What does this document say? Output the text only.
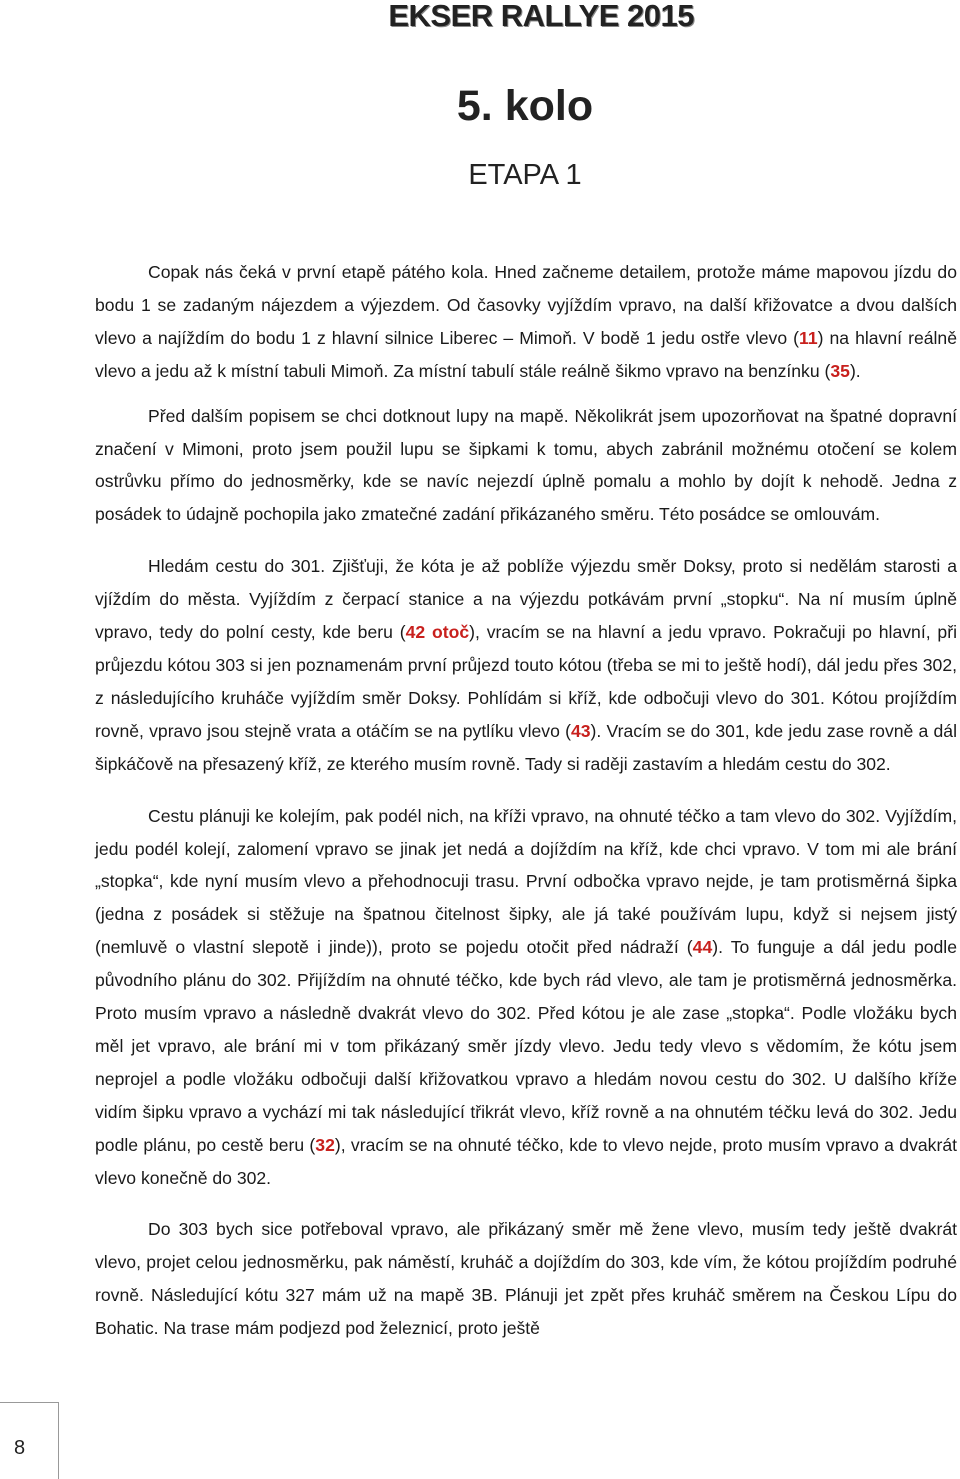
EKSER RALLYE 2015
5. kolo
ETAPA 1

Copak nás čeká v první etapě pátého kola. Hned začneme detailem, protože máme mapovou jízdu do bodu 1 se zadaným nájezdem a výjezdem. Od časovky vyjíždím vpravo, na další křižovatce a dvou dalších vlevo a najíždím do bodu 1 z hlavní silnice Liberec – Mimoň. V bodě 1 jedu ostře vlevo (11) na hlavní reálně vlevo a jedu až k místní tabuli Mimoň. Za místní tabulí stále reálně šikmo vpravo na benzínku (35).

Před dalším popisem se chci dotknout lupy na mapě. Několikrát jsem upozorňovat na špatné dopravní značení v Mimoni, proto jsem použil lupu se šipkami k tomu, abych zabránil možnému otočení se kolem ostrůvku přímo do jednosměrky, kde se navíc nejezdí úplně pomalu a mohlo by dojít k nehodě. Jedna z posádek to údajně pochopila jako zmatečné zadání přikázaného směru. Této posádce se omlouvám.

Hledám cestu do 301. Zjišťuji, že kóta je až poblíže výjezdu směr Doksy, proto si nedělám starosti a vjíždím do města. Vyjíždím z čerpací stanice a na výjezdu potkávám první „stopku“. Na ní musím úplně vpravo, tedy do polní cesty, kde beru (42 otoč), vracím se na hlavní a jedu vpravo. Pokračuji po hlavní, při průjezdu kótou 303 si jen poznamenám první průjezd touto kótou (třeba se mi to ještě hodí), dál jedu přes 302, z následujícího kruháče vyjíždím směr Doksy. Pohlídám si kříž, kde odbočuji vlevo do 301. Kótou projíždím rovně, vpravo jsou stejně vrata a otáčím se na pytlíku vlevo (43). Vracím se do 301, kde jedu zase rovně a dál šipkáčově na přesazený kříž, ze kterého musím rovně. Tady si raději zastavím a hledám cestu do 302.

Cestu plánuji ke kolejím, pak podél nich, na kříži vpravo, na ohnuté téčko a tam vlevo do 302. Vyjíždím, jedu podél kolejí, zalomení vpravo se jinak jet nedá a dojíždím na kříž, kde chci vpravo. V tom mi ale brání „stopka“, kde nyní musím vlevo a přehodnocuji trasu. První odbočka vpravo nejde, je tam protisměrná šipka (jedna z posádek si stěžuje na špatnou čitelnost šipky, ale já také používám lupu, když si nejsem jistý (nemluvě o vlastní slepotě i jinde)), proto se pojedu otočit před nádraží (44). To funguje a dál jedu podle původního plánu do 302. Přijíždím na ohnuté téčko, kde bych rád vlevo, ale tam je protisměrná jednosměrka. Proto musím vpravo a následně dvakrát vlevo do 302. Před kótou je ale zase „stopka“. Podle vložáku bych měl jet vpravo, ale brání mi v tom přikázaný směr jízdy vlevo. Jedu tedy vlevo s vědomím, že kótu jsem neprojel a podle vložáku odbočuji další křižovatkou vpravo a hledám novou cestu do 302. U dalšího kříže vidím šipku vpravo a vychází mi tak následující třikrát vlevo, kříž rovně a na ohnutém téčku levá do 302. Jedu podle plánu, po cestě beru (32), vracím se na ohnuté téčko, kde to vlevo nejde, proto musím vpravo a dvakrát vlevo konečně do 302.

Do 303 bych sice potřeboval vpravo, ale přikázaný směr mě žene vlevo, musím tedy ještě dvakrát vlevo, projet celou jednosměrku, pak náměstí, kruháč a dojíždím do 303, kde vím, že kótou projíždím podruhé rovně. Následující kótu 327 mám už na mapě 3B. Plánuji jet zpět přes kruháč směrem na Českou Lípu do Bohatic. Na trase mám podjezd pod železnicí, proto ještě

8
